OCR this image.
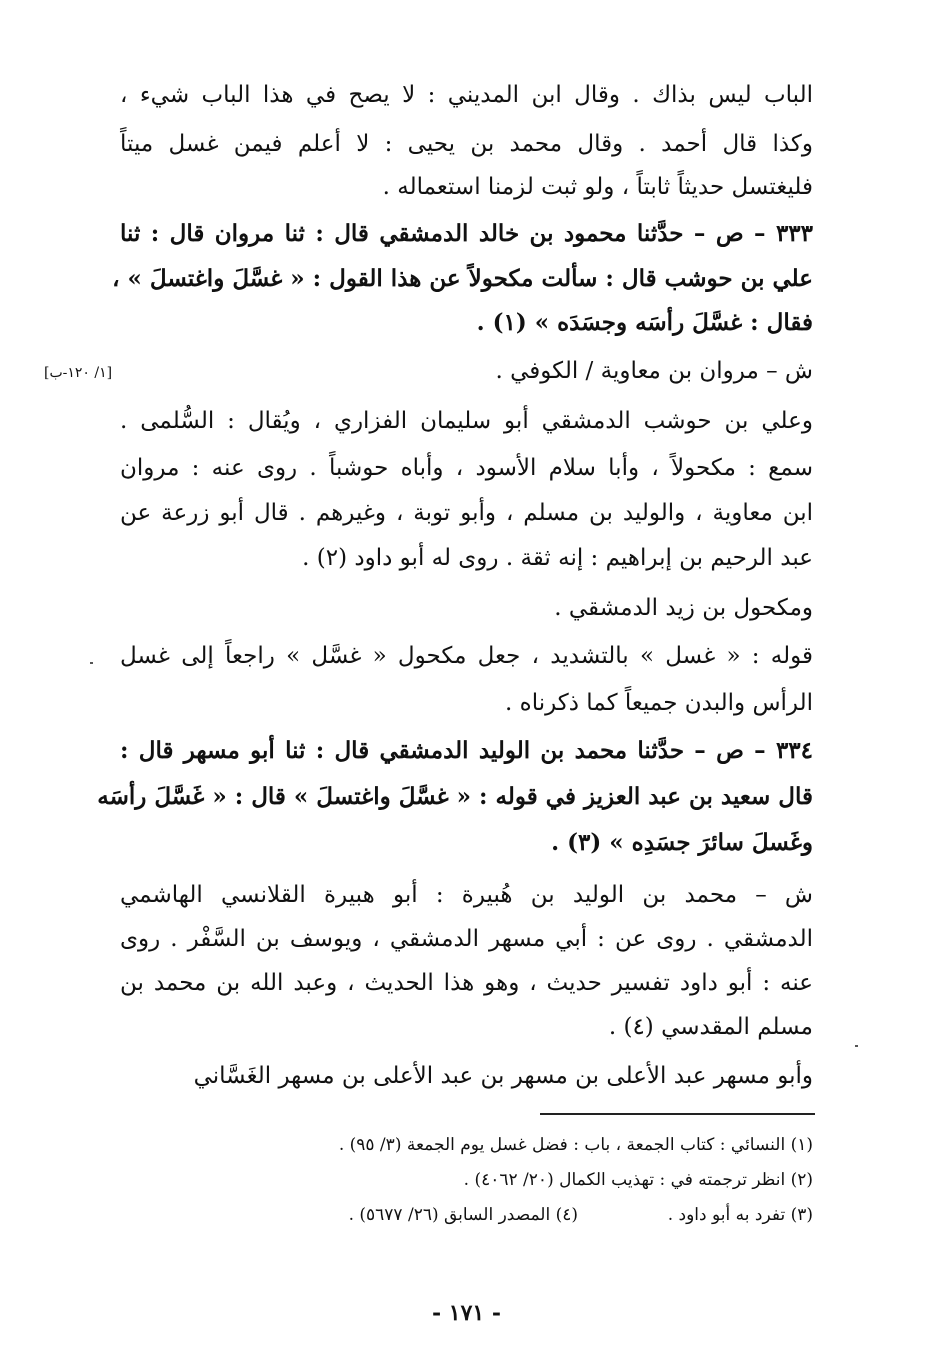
الباب ليس بذاك . وقال ابن المديني : لا يصح في هذا الباب شيء ،
وكذا قال أحمد . وقال محمد بن يحيى : لا أعلم فيمن غسل ميتاً
فليغتسل حديثاً ثابتاً ، ولو ثبت لزمنا استعماله .
٣٣٣ – ص – حدَّثنا محمود بن خالد الدمشقي قال : ثنا مروان قال : ثنا
علي بن حوشب قال : سألت مكحولاً عن هذا القول : « غسَّلَ واغتسلَ » ،
فقال : غسَّلَ رأسَه وجسَدَه » (١) .
ش – مروان بن معاوية / الكوفي .
[١/ ١٢٠-ب]
وعلي بن حوشب الدمشقي أبو سليمان الفزاري ، ويُقال : السُّلمى .
سمع : مكحولاً ، وأبا سلام الأسود ، وأباه حوشباً . روى عنه : مروان
ابن معاوية ، والوليد بن مسلم ، وأبو توبة ، وغيرهم . قال أبو زرعة عن
عبد الرحيم بن إبراهيم : إنه ثقة . روى له أبو داود (٢) .
ومكحول بن زيد الدمشقي .
قوله : « غسل » بالتشديد ، جعل مكحول « غسَّل » راجعاً إلى غسل
الرأس والبدن جميعاً كما ذكرناه .
٣٣٤ – ص – حدَّثنا محمد بن الوليد الدمشقي قال : ثنا أبو مسهر قال :
قال سعيد بن عبد العزيز في قوله : « غسَّلَ واغتسلَ » قال : « غَسَّلَ رأسَه
وغَسلَ سائرَ جسَدِه » (٣) .
ش – محمد بن الوليد بن هُبيرة : أبو هبيرة القلانسي الهاشمي
الدمشقي . روى عن : أبي مسهر الدمشقي ، ويوسف بن السَّفْر . روى
عنه : أبو داود تفسير حديث ، وهو هذا الحديث ، وعبد الله بن محمد بن
مسلم المقدسي (٤) .
وأبو مسهر عبد الأعلى بن مسهر بن عبد الأعلى بن مسهر الغَسَّاني
(١) النسائي : كتاب الجمعة ، باب : فضل غسل يوم الجمعة (٣/ ٩٥) .
(٢) انظر ترجمته في : تهذيب الكمال (٢٠/ ٤٠٦٢) .
(٣) تفرد به أبو داود .
(٤) المصدر السابق (٢٦/ ٥٦٧٧) .
- ١٧١ -
